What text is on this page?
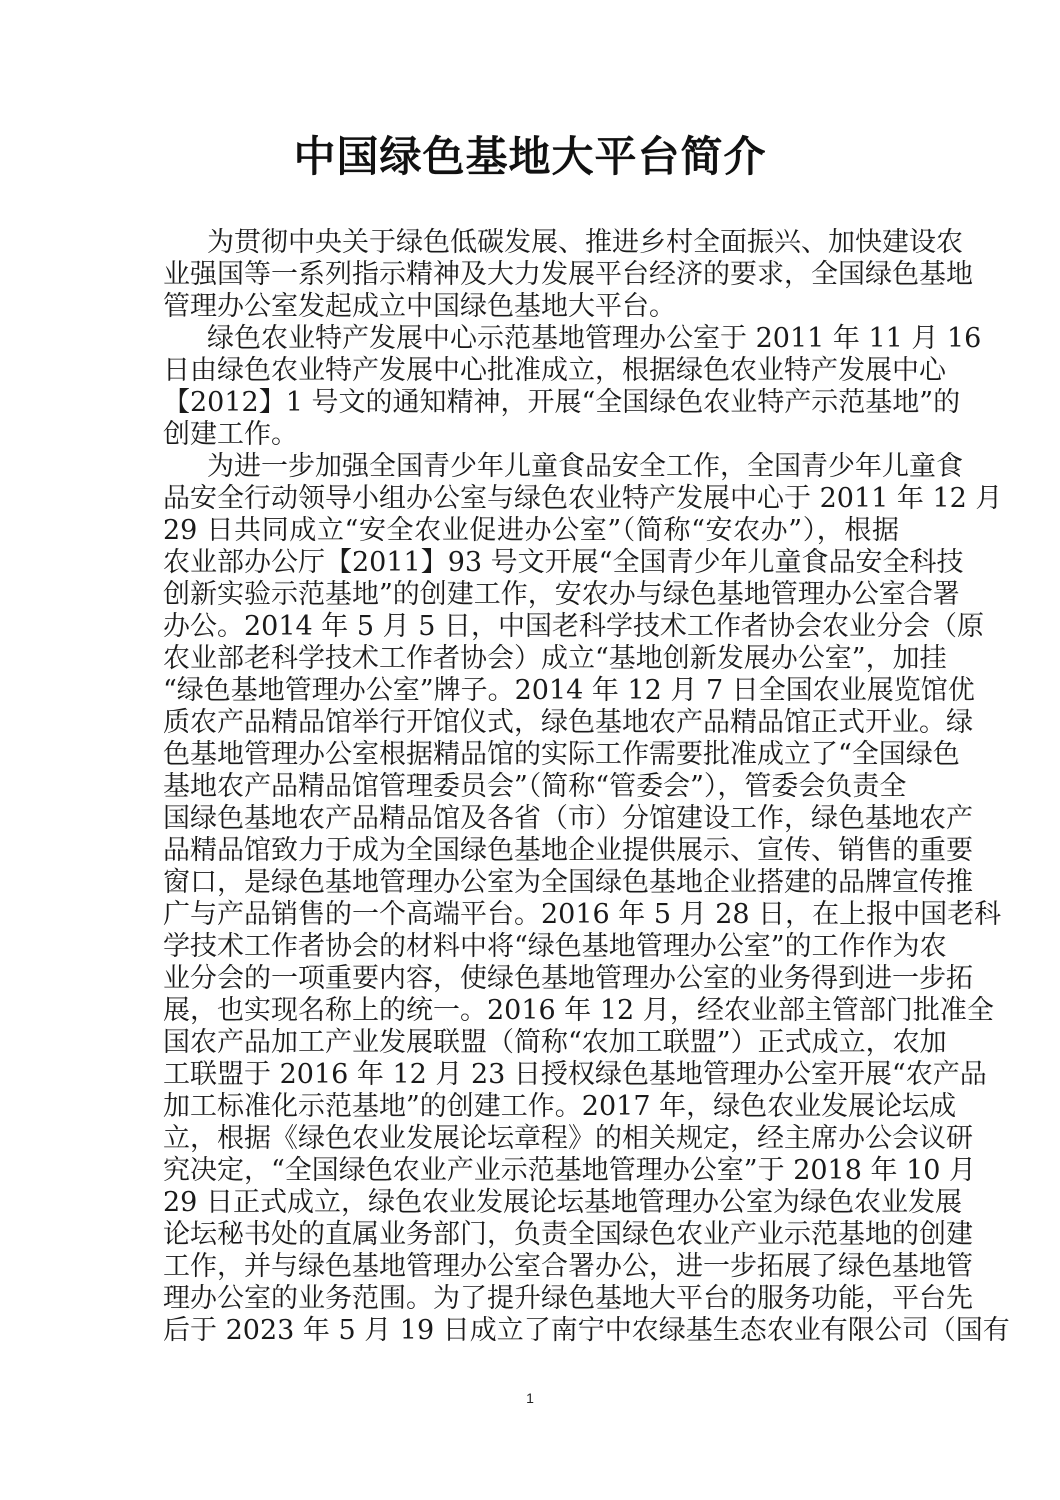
中国绿色基地大平台简介
为贯彻中央关于绿色低碳发展、推进乡村全面振兴、加快建设农
业强国等一系列指示精神及大力发展平台经济的要求，全国绿色基地
管理办公室发起成立中国绿色基地大平台。
绿色农业特产发展中心示范基地管理办公室于 2011 年 11 月 16
日由绿色农业特产发展中心批准成立，根据绿色农业特产发展中心
【2012】1 号文的通知精神，开展“全国绿色农业特产示范基地”的
创建工作。
为进一步加强全国青少年儿童食品安全工作，全国青少年儿童食
品安全行动领导小组办公室与绿色农业特产发展中心于 2011 年 12 月
29 日共同成立“安全农业促进办公室”（简称“安农办”），根据
农业部办公厅【2011】93 号文开展“全国青少年儿童食品安全科技
创新实验示范基地”的创建工作，安农办与绿色基地管理办公室合署
办公。2014 年 5 月 5 日，中国老科学技术工作者协会农业分会（原
农业部老科学技术工作者协会）成立“基地创新发展办公室”，加挂
“绿色基地管理办公室”牌子。2014 年 12 月 7 日全国农业展览馆优
质农产品精品馆举行开馆仪式，绿色基地农产品精品馆正式开业。绿
色基地管理办公室根据精品馆的实际工作需要批准成立了“全国绿色
基地农产品精品馆管理委员会”（简称“管委会”），管委会负责全
国绿色基地农产品精品馆及各省（市）分馆建设工作，绿色基地农产
品精品馆致力于成为全国绿色基地企业提供展示、宣传、销售的重要
窗口，是绿色基地管理办公室为全国绿色基地企业搭建的品牌宣传推
广与产品销售的一个高端平台。2016 年 5 月 28 日，在上报中国老科
学技术工作者协会的材料中将“绿色基地管理办公室”的工作作为农
业分会的一项重要内容，使绿色基地管理办公室的业务得到进一步拓
展，也实现名称上的统一。2016 年 12 月，经农业部主管部门批准全
国农产品加工产业发展联盟（简称“农加工联盟”）正式成立，农加
工联盟于 2016 年 12 月 23 日授权绿色基地管理办公室开展“农产品
加工标准化示范基地”的创建工作。2017 年，绿色农业发展论坛成
立，根据《绿色农业发展论坛章程》的相关规定，经主席办公会议研
究决定，“全国绿色农业产业示范基地管理办公室”于 2018 年 10 月
29 日正式成立，绿色农业发展论坛基地管理办公室为绿色农业发展
论坛秘书处的直属业务部门，负责全国绿色农业产业示范基地的创建
工作，并与绿色基地管理办公室合署办公，进一步拓展了绿色基地管
理办公室的业务范围。为了提升绿色基地大平台的服务功能，平台先
后于 2023 年 5 月 19 日成立了南宁中农绿基生态农业有限公司（国有
1
